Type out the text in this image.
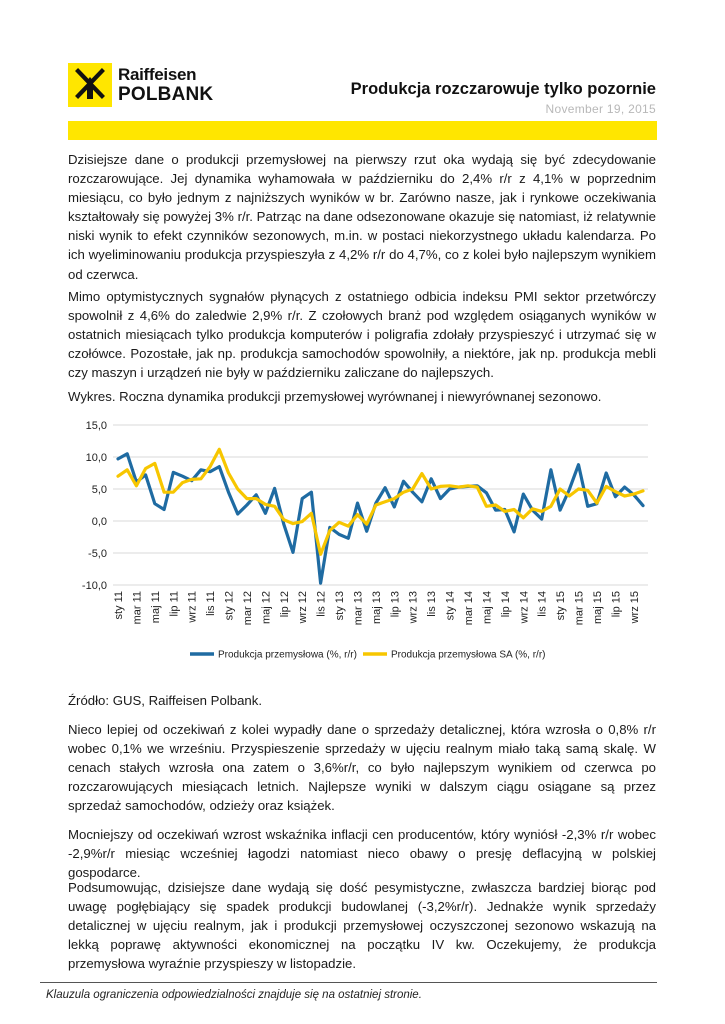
Raiffeisen
POLBANK	Produkcja rozczarowuje tylko pozornie
November 19, 2015

Dzisiejsze dane o produkcji przemysłowej na pierwszy rzut oka wydają się być zdecydowanie rozczarowujące. Jej dynamika wyhamowała w październiku do 2,4% r/r z 4,1% w poprzednim miesiącu, co było jednym z najniższych wyników w br. Zarówno nasze, jak i rynkowe oczekiwania kształtowały się powyżej 3% r/r. Patrząc na dane odsezonowane okazuje się natomiast, iż relatywnie niski wynik to efekt czynników sezonowych, m.in. w postaci niekorzystnego układu kalendarza. Po ich wyeliminowaniu produkcja przyspieszyła z 4,2% r/r do 4,7%, co z kolei było najlepszym wynikiem od czerwca.

Mimo optymistycznych sygnałów płynących z ostatniego odbicia indeksu PMI sektor przetwórczy spowolnił z 4,6% do zaledwie 2,9% r/r. Z czołowych branż pod względem osiąganych wyników w ostatnich miesiącach tylko produkcja komputerów i poligrafia zdołały przyspieszyć i utrzymać się w czołówce. Pozostałe, jak np. produkcja samochodów spowolniły, a niektóre, jak np. produkcja mebli czy maszyn i urządzeń nie były w październiku zaliczane do najlepszych.

Wykres. Roczna dynamika produkcji przemysłowej wyrównanej i niewyrównanej sezonowo.

-10,0
-5,0
0,0
5,0
10,0
15,0
sty 11 mar 11 maj 11 lip 11 wrz 11 lis 11 sty 12 mar 12 maj 12 lip 12 wrz 12 lis 12 sty 13 mar 13 maj 13 lip 13 wrz 13 lis 13 sty 14 mar 14 maj 14 lip 14 wrz 14 lis 14 sty 15 mar 15 maj 15 lip 15 wrz 15
Produkcja przemysłowa (%, r/r)	Produkcja przemysłowa SA (%, r/r)

Źródło: GUS, Raiffeisen Polbank.

Nieco lepiej od oczekiwań z kolei wypadły dane o sprzedaży detalicznej, która wzrosła o 0,8% r/r wobec 0,1% we wrześniu. Przyspieszenie sprzedaży w ujęciu realnym miało taką samą skalę. W cenach stałych wzrosła ona zatem o 3,6%r/r, co było najlepszym wynikiem od czerwca po rozczarowujących miesiącach letnich. Najlepsze wyniki w dalszym ciągu osiągane są przez sprzedaż samochodów, odzieży oraz książek.

Mocniejszy od oczekiwań wzrost wskaźnika inflacji cen producentów, który wyniósł -2,3% r/r wobec -2,9%r/r miesiąc wcześniej łagodzi natomiast nieco obawy o presję deflacyjną w polskiej gospodarce.

Podsumowując, dzisiejsze dane wydają się dość pesymistyczne, zwłaszcza bardziej biorąc pod uwagę pogłębiający się spadek produkcji budowlanej (-3,2%r/r). Jednakże wynik sprzedaży detalicznej w ujęciu realnym, jak i produkcji przemysłowej oczyszczonej sezonowo wskazują na lekką poprawę aktywności ekonomicznej na początku IV kw. Oczekujemy, że produkcja przemysłowa wyraźnie przyspieszy w listopadzie.

Klauzula ograniczenia odpowiedzialności znajduje się na ostatniej stronie.
